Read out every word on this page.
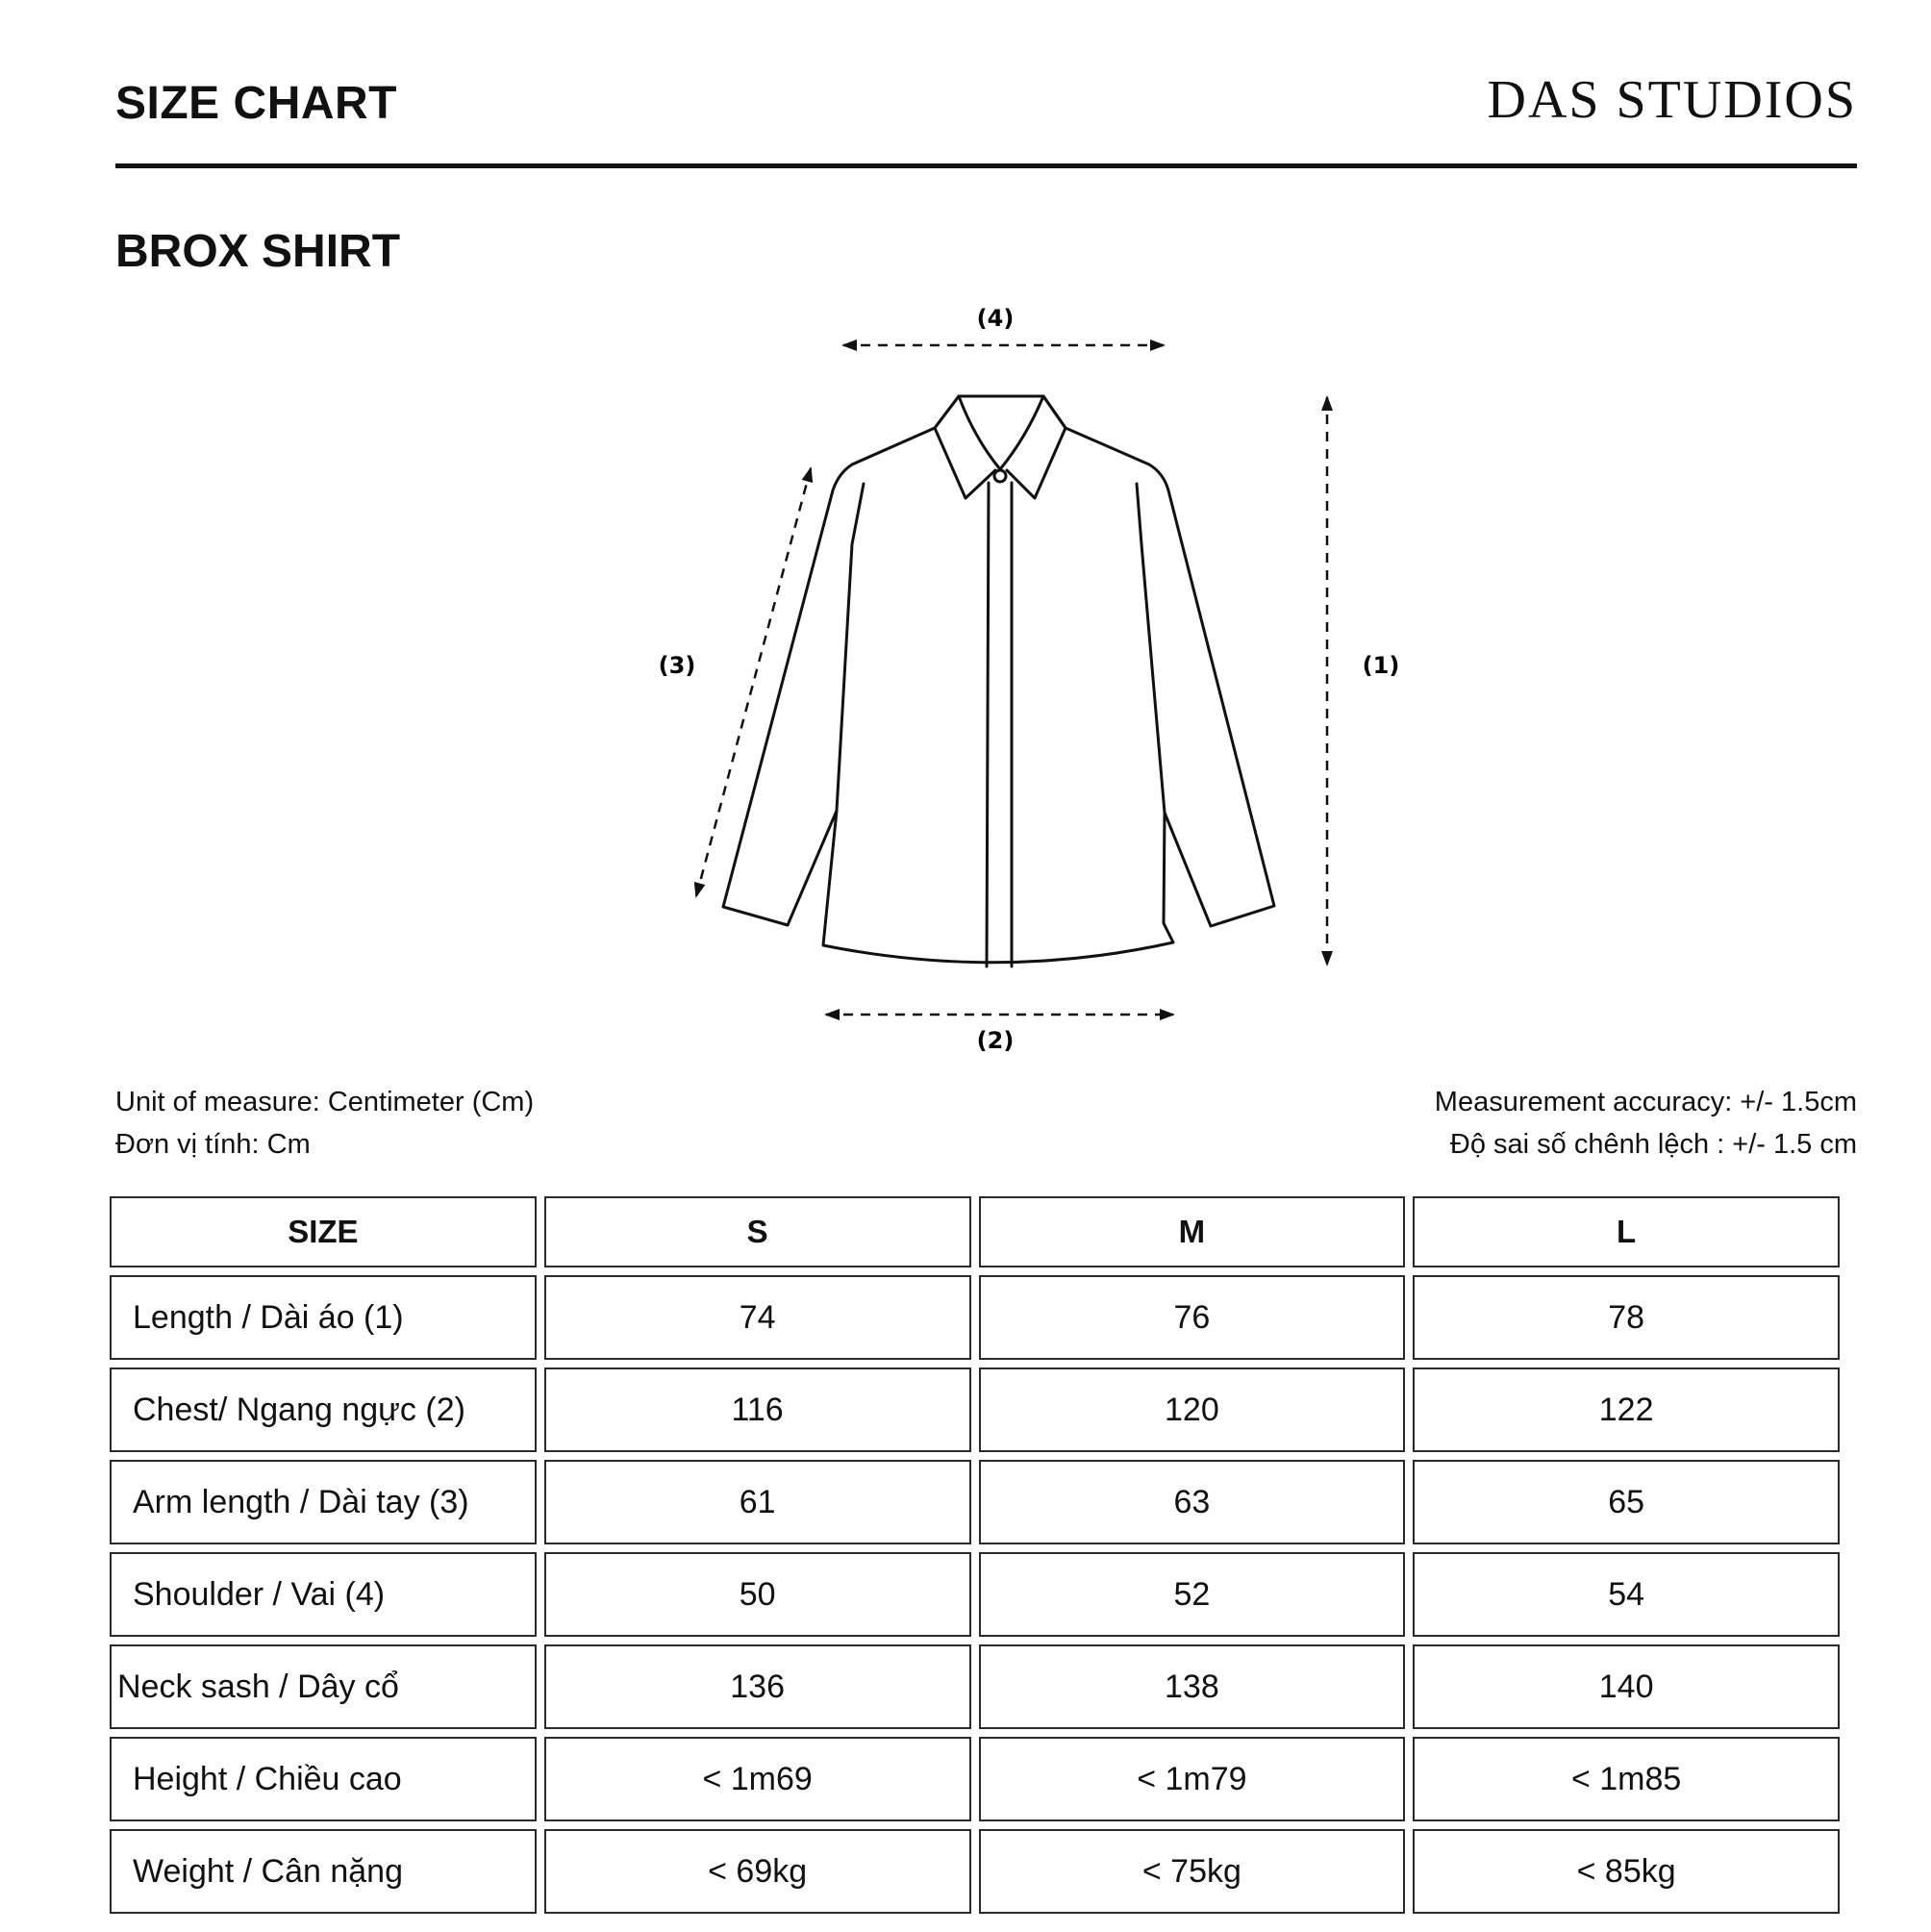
SIZE CHART	DAS STUDIOS
BROX SHIRT
(4)
(2)
(3)	(1)
Unit of measure: Centimeter (Cm)
Đơn vị tính: Cm
Measurement accuracy: +/- 1.5cm
Độ sai số chênh lệch : +/- 1.5 cm
SIZE	S	M	L
Length / Dài áo (1)	74	76	78
Chest/ Ngang ngực (2)	116	120	122
Arm length / Dài tay (3)	61	63	65
Shoulder / Vai (4)	50	52	54
Neck sash / Dây cổ	136	138	140
Height / Chiều cao	< 1m69	< 1m79	< 1m85
Weight / Cân nặng	< 69kg	< 75kg	< 85kg
